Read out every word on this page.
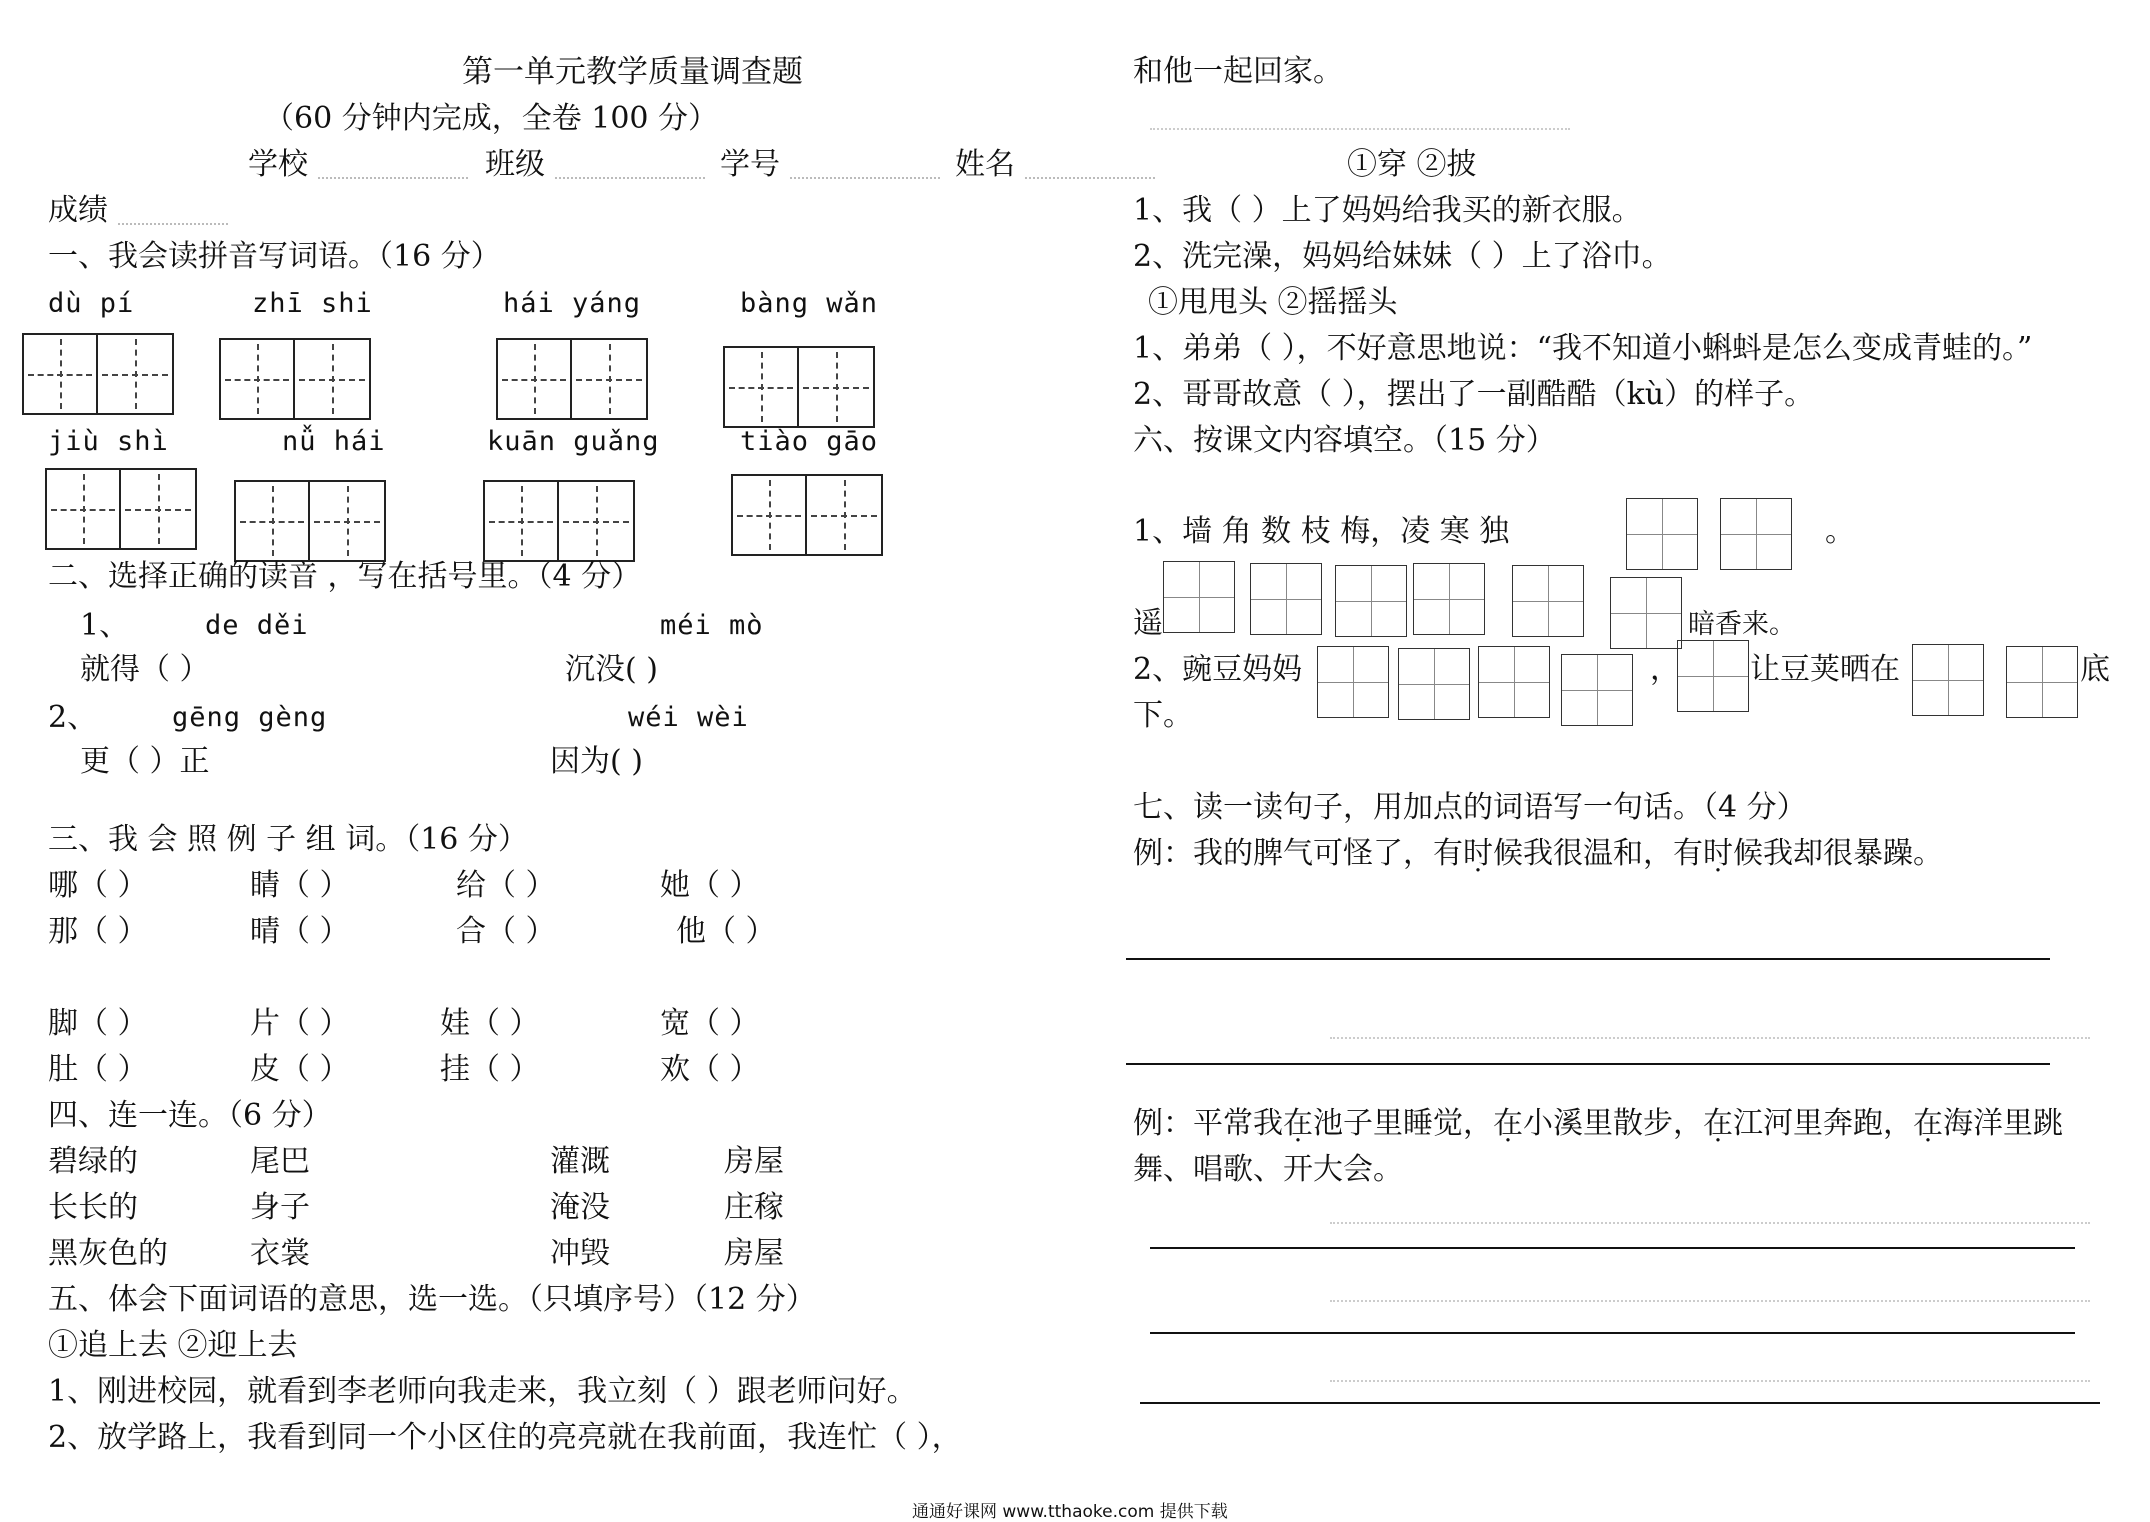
第一单元教学质量调查题
（60 分钟内完成，全卷 100 分）
学校	班级	学号	姓名
成绩
一、我会读拼音写词语。（16 分）
dù pí	zhī shi	hái yáng	bàng wǎn
jiù shì	nǚ hái	kuān guǎng	tiào gāo
二、选择正确的读音 ，写在括号里。（4 分）
1、	de děi	méi mò
就得（ ）	沉没( )
2、	gēng gèng	wéi wèi
更（ ）正	因为( )
三、我 会 照 例 子 组 词。（16 分）
哪（ ）	睛（ ）	给（ ）	她（ ）
那（ ）	晴（ ）	合（ ）	他（ ）
脚（ ）	片（ ）	娃（ ）	宽（ ）
肚（ ）	皮（ ）	挂（ ）	欢（ ）
四、连一连。（6 分）
碧绿的	尾巴	灌溉	房屋
长长的	身子	淹没	庄稼
黑灰色的	衣裳	冲毁	房屋
五、体会下面词语的意思，选一选。（只填序号）（12 分）
①追上去 ②迎上去
1、刚进校园，就看到李老师向我走来，我立刻（ ）跟老师问好。
2、放学路上，我看到同一个小区住的亮亮就在我前面，我连忙（ ），
和他一起回家。
①穿 ②披
1、我（ ）上了妈妈给我买的新衣服。
2、洗完澡，妈妈给妹妹（ ）上了浴巾。
①甩甩头 ②摇摇头
1、弟弟（ ），不好意思地说：“我不知道小蝌蚪是怎么变成青蛙的。”
2、哥哥故意（ ），摆出了一副酷酷（kù）的样子。
六、按课文内容填空。（15 分）
1、墙 角 数 枝 梅，凌 寒 独	。
遥	暗香来。
2、豌豆妈妈	， 让豆荚晒在	底
下。
七、读一读句子，用加点的词语写一句话。（4 分）
例：我的脾气可怪了，有时候我很温和，有时候我却很暴躁。
例：平常我在池子里睡觉，在小溪里散步，在江河里奔跑，在海洋里跳
舞、唱歌、开大会。
通通好课网 www.tthaoke.com 提供下载
